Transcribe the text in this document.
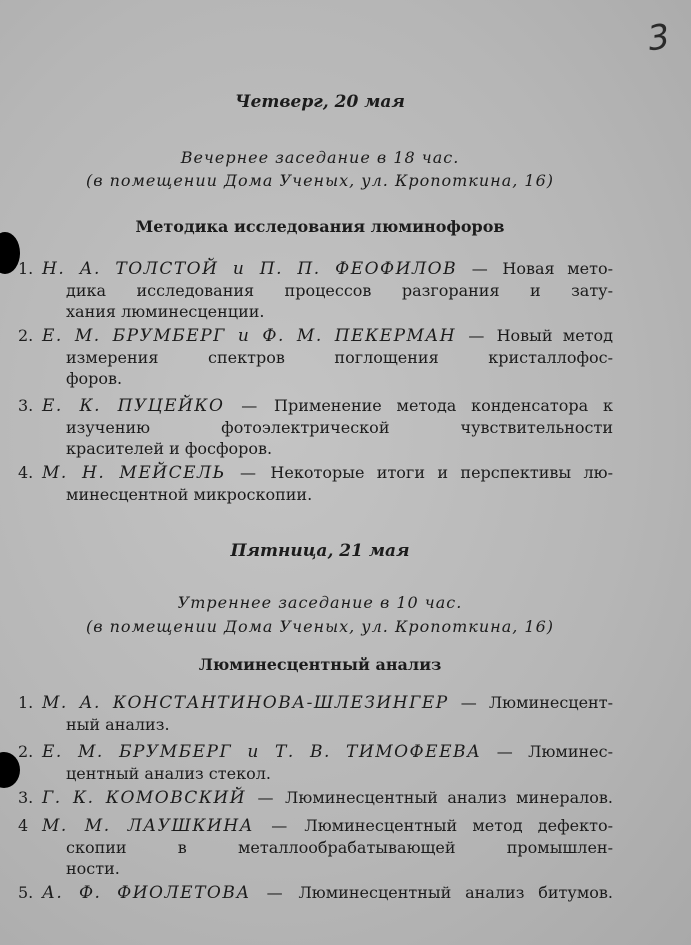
3
Четверг, 20 мая
Вечернее заседание в 18 час.
(в помещении Дома Ученых, ул. Кропоткина, 16)
Методика исследования люминофоров
1. Н. А. ТОЛСТОЙ и П. П. ФЕОФИЛОВ — Новая мето-
дика исследования процессов разгорания и зату-
хания люминесценции.
2. Е. М. БРУМБЕРГ и Ф. М. ПЕКЕРМАН — Новый метод
измерения спектров поглощения кристаллофос-
форов.
3. Е. К. ПУЦЕЙКО — Применение метода конденсатора к
изучению фотоэлектрической чувствительности
красителей и фосфоров.
4. М. Н. МЕЙСЕЛЬ — Некоторые итоги и перспективы лю-
минесцентной микроскопии.
Пятница, 21 мая
Утреннее заседание в 10 час.
(в помещении Дома Ученых, ул. Кропоткина, 16)
Люминесцентный анализ
1. М. А. КОНСТАНТИНОВА-ШЛЕЗИНГЕР — Люминесцент-
ный анализ.
2. Е. М. БРУМБЕРГ и Т. В. ТИМОФЕЕВА — Люминес-
центный анализ стекол.
3. Г. К. КОМОВСКИЙ — Люминесцентный анализ минералов.
4 М. М. ЛАУШКИНА — Люминесцентный метод дефекто-
скопии в металлообрабатывающей промышлен-
ности.
5. А. Ф. ФИОЛЕТОВА — Люминесцентный анализ битумов.
